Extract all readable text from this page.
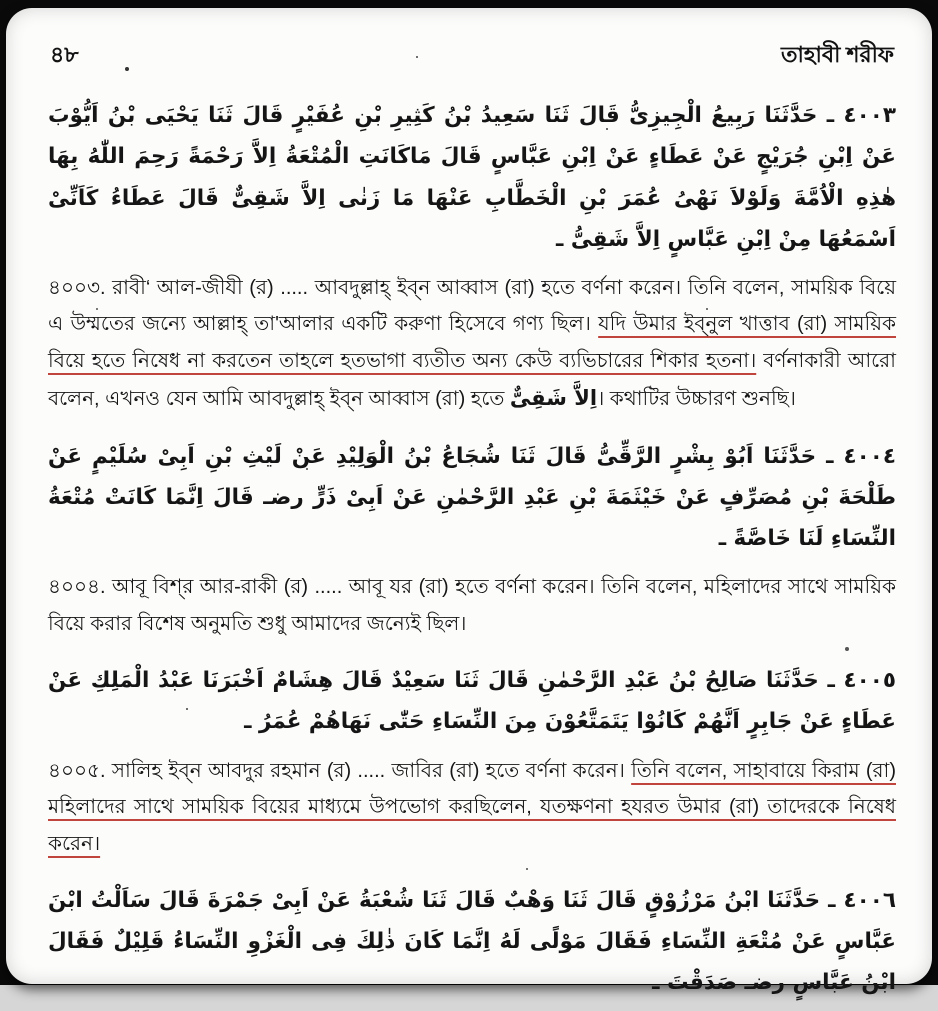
৪৮	তাহাবী শরীফ

٤٠٠٣ ـ حَدَّثَنَا رَبِيعُ الْجِيزِىُّ قَالَ ثَنَا سَعِيدُ بْنُ كَثِيرِ بْنِ عُفَيْرٍ قَالَ ثَنَا يَحْيَى بْنُ اَيُّوْبَ عَنْ اِبْنِ جُرَيْجٍ عَنْ عَطَاءٍ عَنْ اِبْنِ عَبَّاسٍ قَالَ مَاكَانَتِ الْمُتْعَةُ اِلاَّ رَحْمَةً رَحِمَ اللّٰهُ بِهَا هٰذِهِ الْاُمَّةَ وَلَوْلاَ نَهْىُ عُمَرَ بْنِ الْخَطَّابِ عَنْهَا مَا زَنٰى اِلاَّ شَقِىٌّ قَالَ عَطَاءُ كَاَنِّىْ اَسْمَعُهَا مِنْ اِبْنِ عَبَّاسٍ اِلاَّ شَقِىُّ ـ

৪০০৩. রাবী‘ আল-জীযী (র) ..... আবদুল্লাহ্ ইব্‌ন আব্বাস (রা) হতে বর্ণনা করেন। তিনি বলেন, সাময়িক বিয়ে এ উম্মতের জন্যে আল্লাহ্ তা'আলার একটি করুণা হিসেবে গণ্য ছিল। যদি উমার ইব্‌নুল খাত্তাব (রা) সাময়িক বিয়ে হতে নিষেধ না করতেন তাহলে হতভাগা ব্যতীত অন্য কেউ ব্যভিচারের শিকার হতনা। বর্ণনাকারী আরো বলেন, এখনও যেন আমি আবদুল্লাহ্ ইব্‌ন আব্বাস (রা) হতে اِلاَّ شَقِىٌّ। কথাটির উচ্চারণ শুনছি।

٤٠٠٤ ـ حَدَّثَنَا اَبُوْ بِشْرٍ الرَّقِّىُّ قَالَ ثَنَا شُجَاعُ بْنُ الْوَلِيْدِ عَنْ لَيْثِ بْنِ اَبِىْ سُلَيْمٍ عَنْ طَلْحَةَ بْنِ مُصَرِّفٍ عَنْ خَيْثَمَةَ بْنِ عَبْدِ الرَّحْمٰنِ عَنْ اَبِىْ ذَرٍّ رضـ قَالَ اِنَّمَا كَانَتْ مُتْعَةُ النِّسَاءِ لَنَا خَاصَّةً ـ

৪০০৪. আবূ বিশ্‌র আর-রাকী (র) ..... আবূ যর (রা) হতে বর্ণনা করেন। তিনি বলেন, মহিলাদের সাথে সাময়িক বিয়ে করার বিশেষ অনুমতি শুধু আমাদের জন্যেই ছিল।

٤٠٠٥ ـ حَدَّثَنَا صَالِحُ بْنُ عَبْدِ الرَّحْمٰنِ قَالَ ثَنَا سَعِيْدٌ قَالَ هِشَامٌ اَخْبَرَنَا عَبْدُ الْمَلِكِ عَنْ عَطَاءٍ عَنْ جَابِرٍ اَنَّهُمْ كَانُوْا يَتَمَتَّعُوْنَ مِنَ النِّسَاءِ حَتّٰى نَهَاهُمْ عُمَرُ ـ

৪০০৫. সালিহ ইব্‌ন আবদুর রহমান (র) ..... জাবির (রা) হতে বর্ণনা করেন। তিনি বলেন, সাহাবায়ে কিরাম (রা) মহিলাদের সাথে সাময়িক বিয়ের মাধ্যমে উপভোগ করছিলেন, যতক্ষণনা হযরত উমার (রা) তাদেরকে নিষেধ করেন।

٤٠٠٦ ـ حَدَّثَنَا ابْنُ مَرْزُوْقٍ قَالَ ثَنَا وَهْبٌ قَالَ ثَنَا شُعْبَةُ عَنْ اَبِىْ جَمْرَةَ قَالَ سَاَلْتُ ابْنَ عَبَّاسٍ عَنْ مُتْعَةِ النِّسَاءِ فَقَالَ مَوْلًى لَهُ اِنَّمَا كَانَ ذٰلِكَ فِى الْغَزْوِ النِّسَاءُ قَلِيْلٌ فَقَالَ ابْنُ عَبَّاسٍ رضـ صَدَقْتَ ـ
